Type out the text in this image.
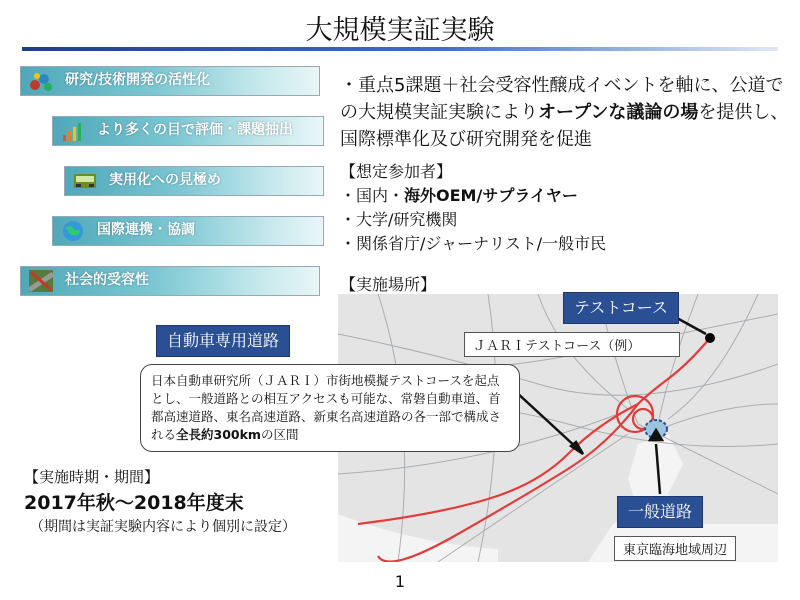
大規模実証実験
研究/技術開発の活性化
より多くの目で評価・課題抽出
実用化への見極め
国際連携・協調
社会的受容性
・重点5課題＋社会受容性醸成イベントを軸に、公道での大規模実証実験によりオープンな議論の場を提供し、国際標準化及び研究開発を促進
【想定参加者】
・国内・海外OEM/サプライヤー
・大学/研究機関
・関係省庁/ジャーナリスト/一般市民
【実施場所】
テストコース
ＪＡＲＩテストコース（例）
自動車専用道路
日本自動車研究所（ＪＡＲＩ）市街地模擬テストコースを起点とし、一般道路との相互アクセスも可能な、常磐自動車道、首都高速道路、東名高速道路、新東名高速道路の各一部で構成される全長約300kmの区間
一般道路
東京臨海地域周辺
【実施時期・期間】
2017年秋～2018年度末
（期間は実証実験内容により個別に設定）
1
